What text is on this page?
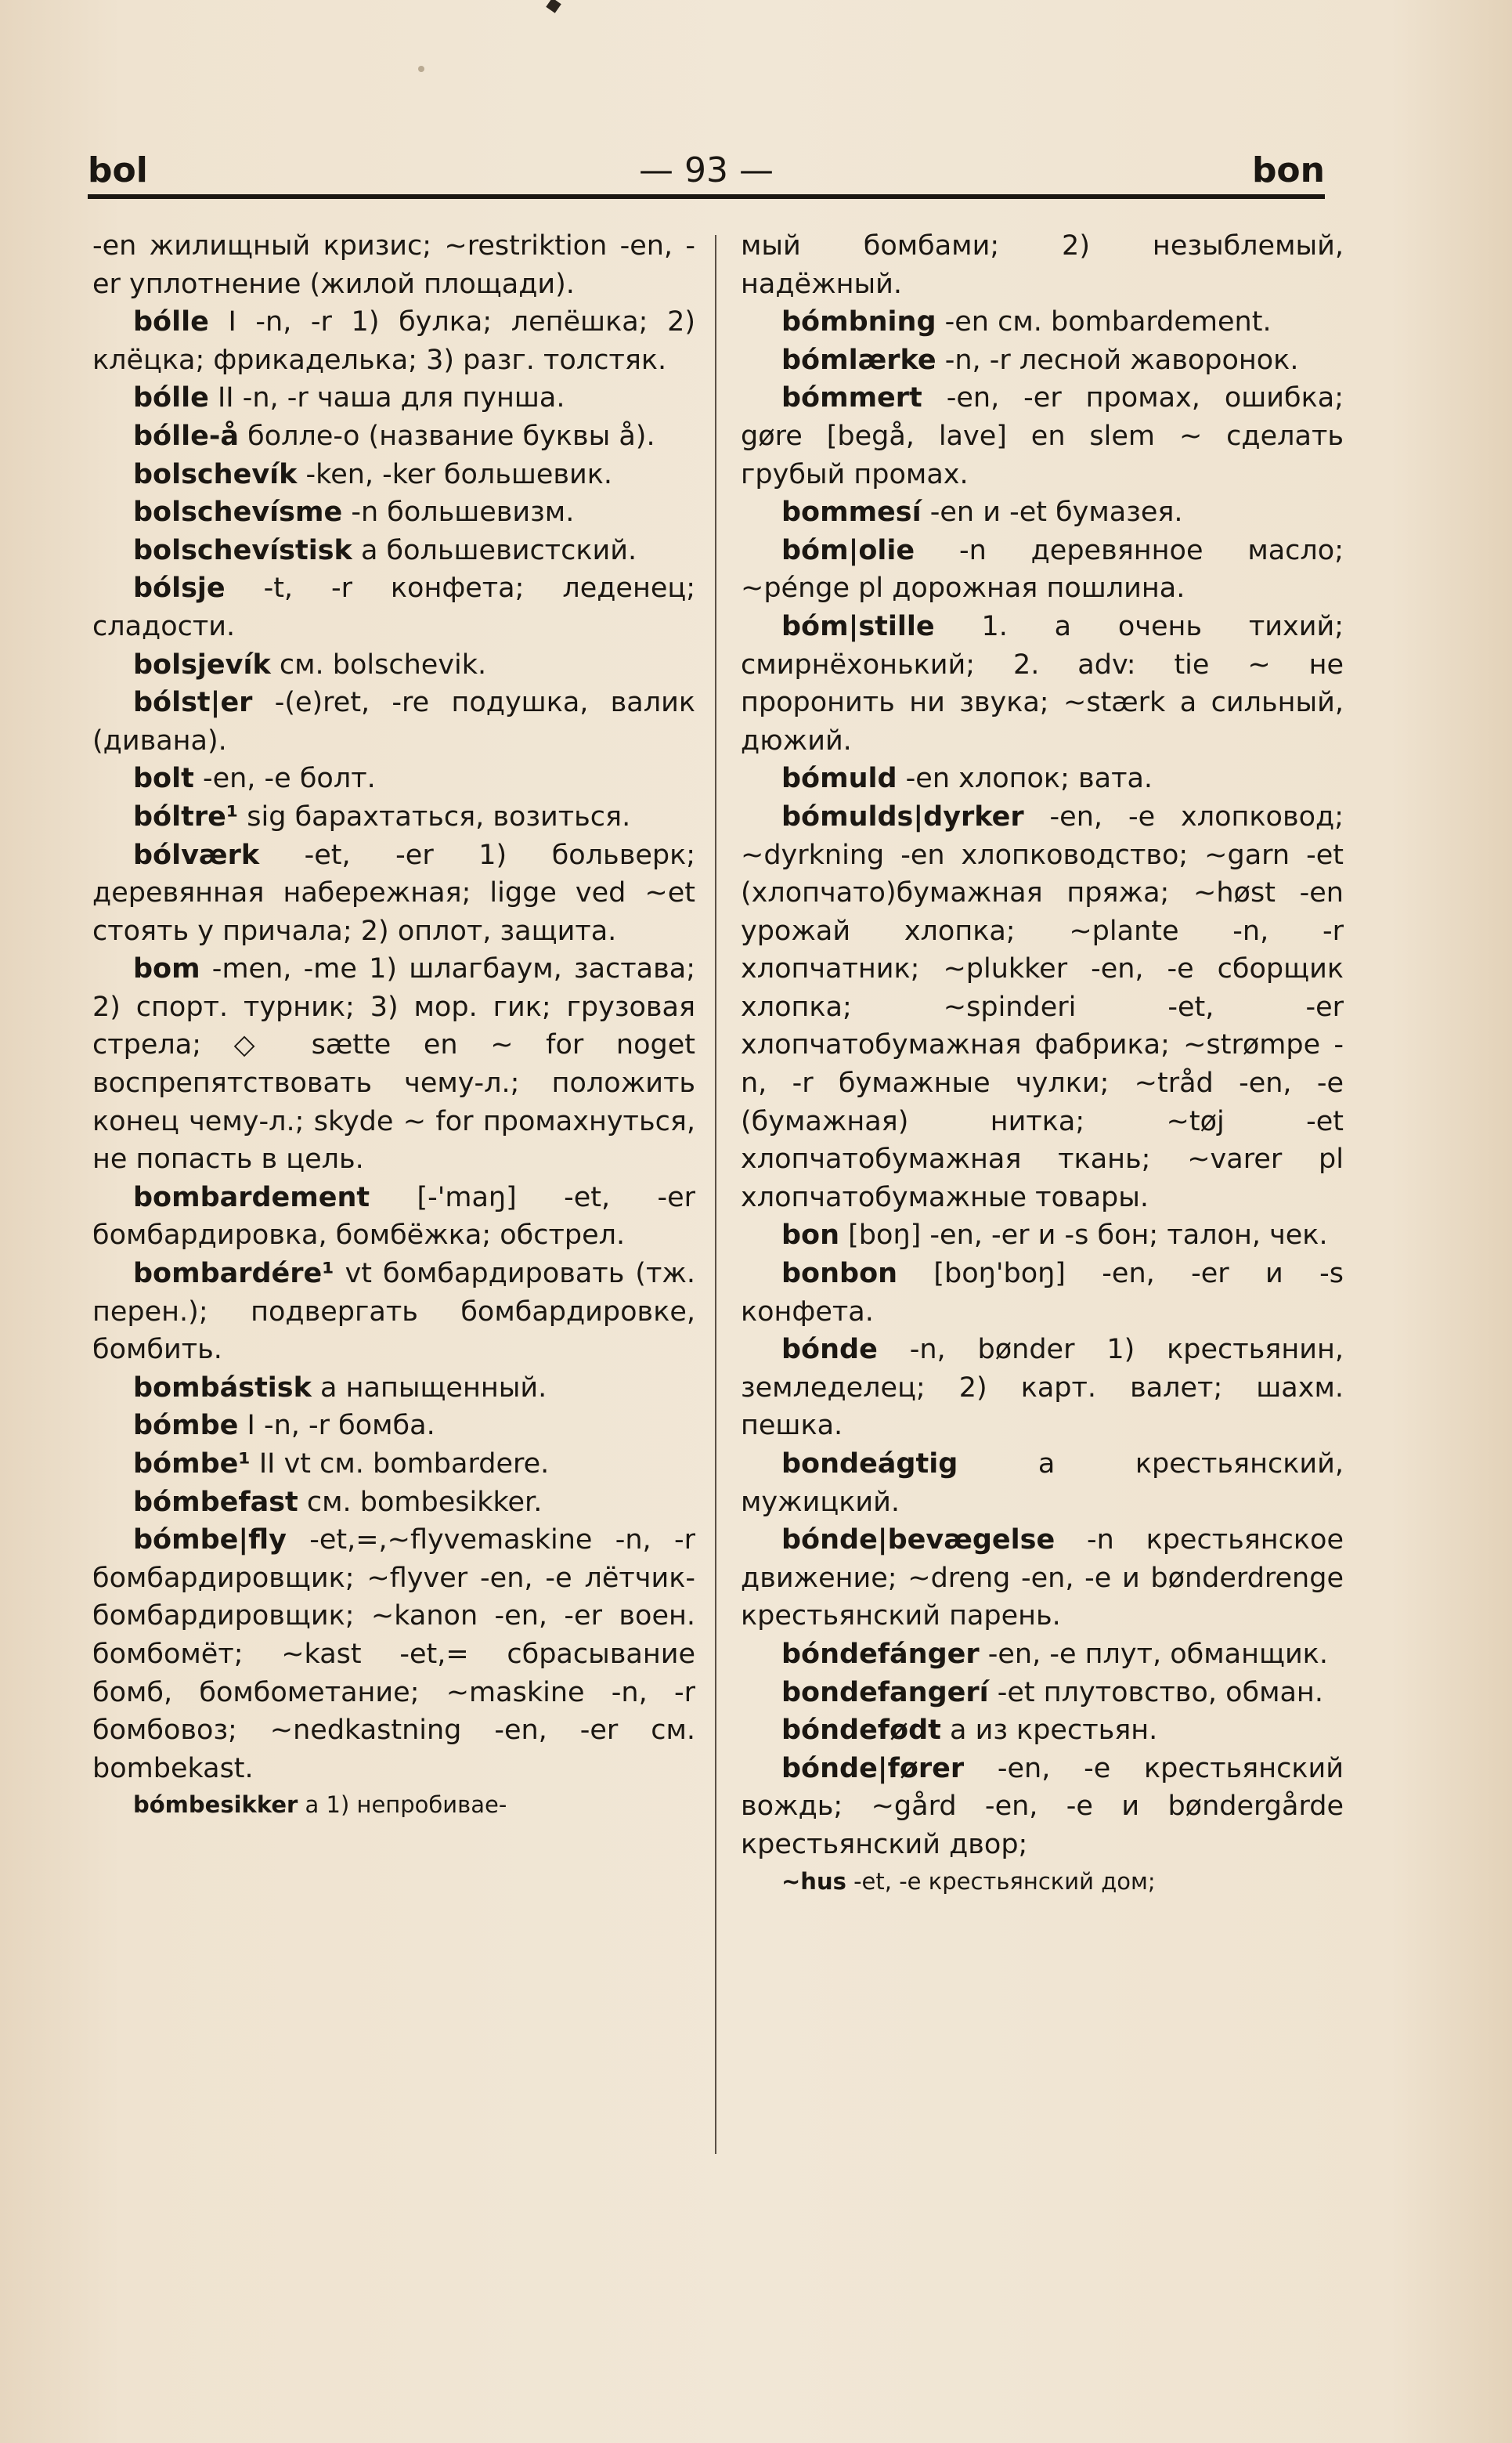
— 93 —
bol	bon

-en жилищный кризис; ~restriktion -en, -er уплотнение (жилой площади).

bólle I -n, -r 1) булка; лепёшка; 2) клёцка; фрикаделька; 3) разг. толстяк.

bólle II -n, -r чаша для пунша.

bólle-å болле-о (название буквы å).

bolschevík -ken, -ker большевик.

bolschevísme -n большевизм.

bolschevístisk a большевистский.

bólsje -t, -r конфета; леденец; сладости.

bolsjevík см. bolschevik.

bólst|er -(e)ret, -re подушка, валик (дивана).

bolt -en, -e болт.

bóltre¹ sig барахтаться, возиться.

bólværk -et, -er 1) больверк; деревянная набережная; ligge ved ~et стоять у причала; 2) оплот, защита.

bom -men, -me 1) шлагбаум, застава; 2) спорт. турник; 3) мор. гик; грузовая стрела; ◇ sætte en ~ for noget воспрепятствовать чему-л.; положить конец чему-л.; skyde ~ for промахнуться, не попасть в цель.

bombardement [-'maŋ] -et, -er бомбардировка, бомбёжка; обстрел.

bombardére¹ vt бомбардировать (тж. перен.); подвергать бомбардировке, бомбить.

bombástisk a напыщенный.

bómbe I -n, -r бомба.

bómbe¹ II vt см. bombardere.

bómbefast см. bombesikker.

bómbe|fly -et,=,~flyvemaskine -n, -r бомбардировщик; ~flyver -en, -e лётчик-бомбардировщик; ~kanon -en, -er воен. бомбомёт; ~kast -et,= сбрасывание бомб, бомбометание; ~maskine -n, -r бомбовоз; ~nedkastning -en, -er см. bombekast.

bómbesikker a 1) непробивае-

мый бомбами; 2) незыблемый, надёжный.

bómbning -en см. bombardement.

bómlærke -n, -r лесной жаворонок.

bómmert -en, -er промах, ошибка; gøre [begå, lave] en slem ~ сделать грубый промах.

bommesí -en и -et бумазея.

bóm|olie -n деревянное масло; ~pénge pl дорожная пошлина.

bóm|stille 1. a очень тихий; смирнёхонький; 2. adv: tie ~ не проронить ни звука; ~stærk a сильный, дюжий.

bómuld -en хлопок; вата.

bómulds|dyrker -en, -e хлопковод; ~dyrkning -en хлопководство; ~garn -et (хлопчато)бумажная пряжа; ~høst -en урожай хлопка; ~plante -n, -r хлопчатник; ~plukker -en, -e сборщик хлопка; ~spinderi -et, -er хлопчатобумажная фабрика; ~strømpe -n, -r бумажные чулки; ~tråd -en, -e (бумажная) нитка; ~tøj -et хлопчатобумажная ткань; ~varer pl хлопчатобумажные товары.

bon [boŋ] -en, -er и -s бон; талон, чек.

bonbon [boŋ'boŋ] -en, -er и -s конфета.

bónde -n, bønder 1) крестьянин, земледелец; 2) карт. валет; шахм. пешка.

bondeágtig a крестьянский, мужицкий.

bónde|bevægelse -n крестьянское движение; ~dreng -en, -e и bønderdrenge крестьянский парень.

bóndefánger -en, -e плут, обманщик.

bondefangerí -et плутовство, обман.

bóndefødt a из крестьян.

bónde|fører -en, -e крестьянский вождь; ~gård -en, -e и bøndergårde крестьянский двор;

~hus -et, -e крестьянский дом;
